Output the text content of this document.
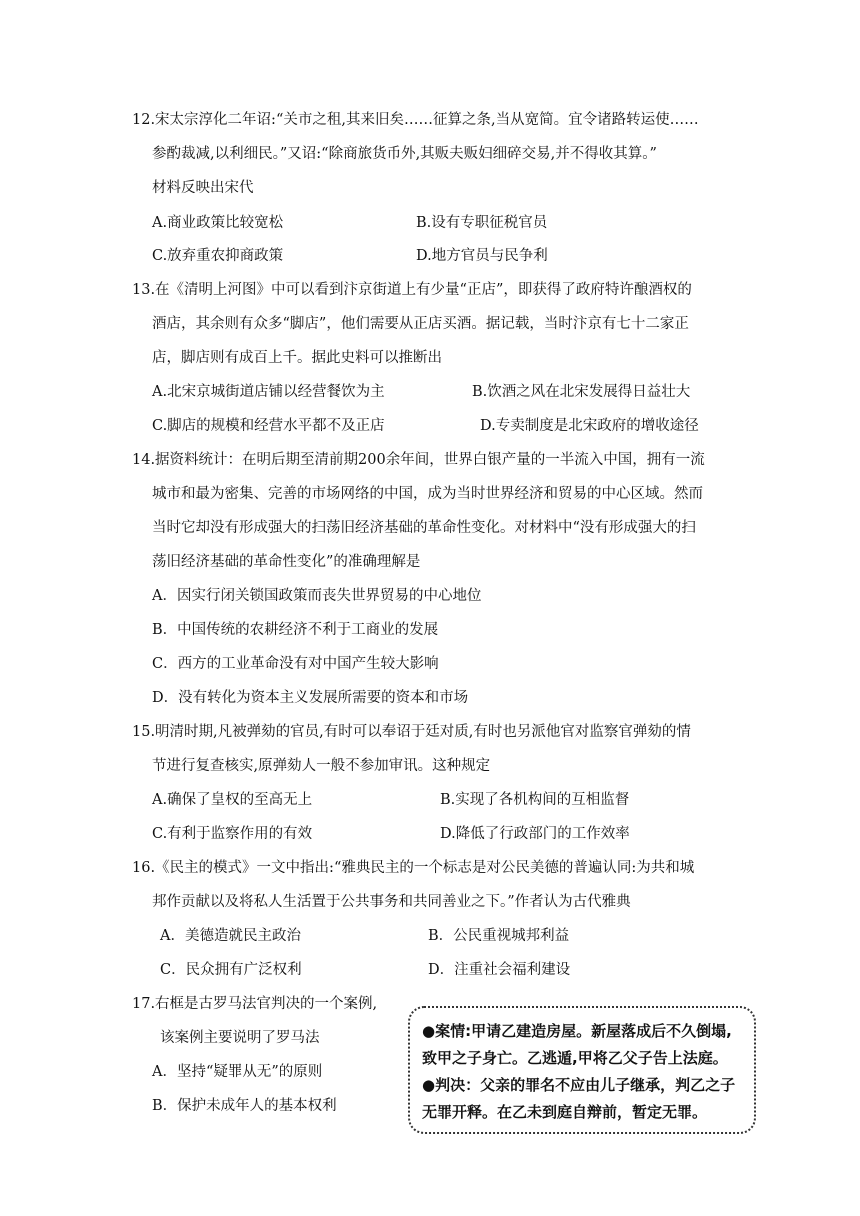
12.宋太宗淳化二年诏:“关市之租,其来旧矣……征算之条,当从宽简。宜令诸路转运使……
参酌裁减,以利细民。”又诏:“除商旅货币外,其贩夫贩妇细碎交易,并不得收其算。”
材料反映出宋代
A.商业政策比较宽松	B.设有专职征税官员
C.放弃重农抑商政策	D.地方官员与民争利
13.在《清明上河图》中可以看到汴京街道上有少量“正店”，即获得了政府特许酿酒权的
酒店，其余则有众多“脚店”，他们需要从正店买酒。据记载，当时汴京有七十二家正
店，脚店则有成百上千。据此史料可以推断出
A.北宋京城街道店铺以经营餐饮为主	B.饮酒之风在北宋发展得日益壮大
C.脚店的规模和经营水平都不及正店	D.专卖制度是北宋政府的增收途径
14.据资料统计：在明后期至清前期200余年间，世界白银产量的一半流入中国，拥有一流
城市和最为密集、完善的市场网络的中国，成为当时世界经济和贸易的中心区域。然而
当时它却没有形成强大的扫荡旧经济基础的革命性变化。对材料中“没有形成强大的扫
荡旧经济基础的革命性变化”的准确理解是
A．因实行闭关锁国政策而丧失世界贸易的中心地位
B．中国传统的农耕经济不利于工商业的发展
C．西方的工业革命没有对中国产生较大影响
D．没有转化为资本主义发展所需要的资本和市场
15.明清时期,凡被弹劾的官员,有时可以奉诏于廷对质,有时也另派他官对监察官弹劾的情
节进行复查核实,原弹劾人一般不参加审讯。这种规定
A.确保了皇权的至高无上	B.实现了各机构间的互相监督
C.有利于监察作用的有效	D.降低了行政部门的工作效率
16.《民主的模式》一文中指出:“雅典民主的一个标志是对公民美德的普遍认同:为共和城
邦作贡献以及将私人生活置于公共事务和共同善业之下。”作者认为古代雅典
A．美德造就民主政治	B．公民重视城邦利益
C．民众拥有广泛权利	D．注重社会福利建设
17.右框是古罗马法官判决的一个案例,
该案例主要说明了罗马法
A．坚持“疑罪从无”的原则
B．保护未成年人的基本权利
●案情:甲请乙建造房屋。新屋落成后不久倒塌,
致甲之子身亡。乙逃遁,甲将乙父子告上法庭。
●判决：父亲的罪名不应由儿子继承，判乙之子
无罪开释。在乙未到庭自辩前，暂定无罪。
